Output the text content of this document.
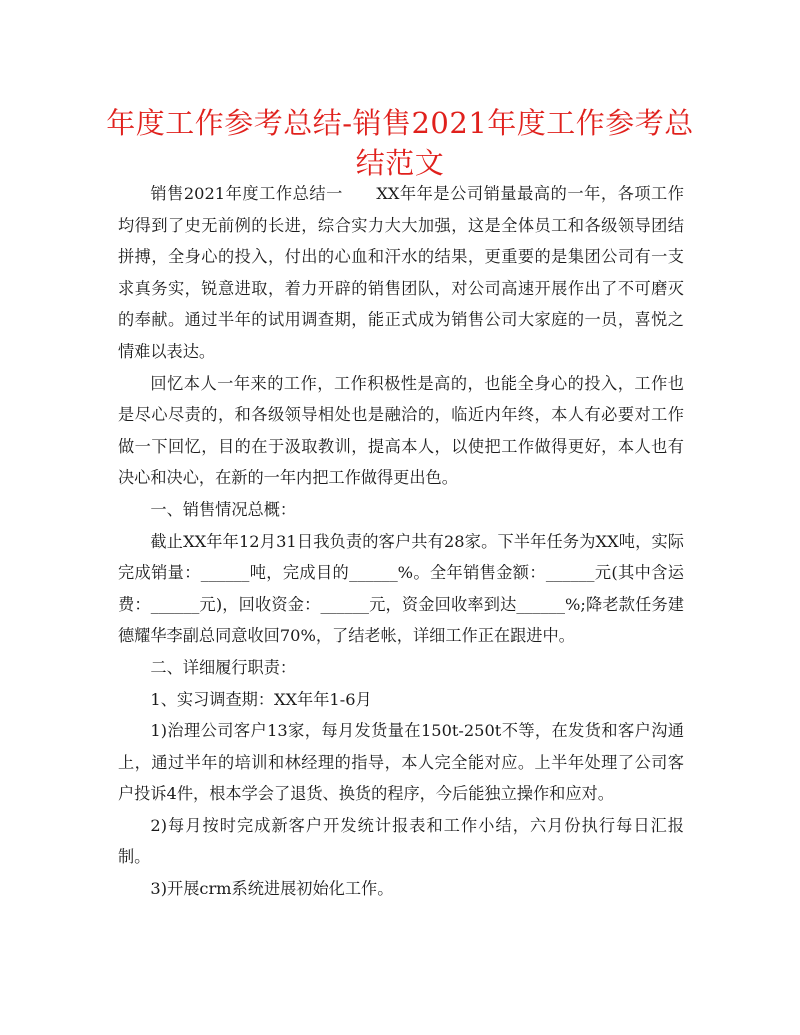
年度工作参考总结-销售2021年度工作参考总结范文

销售2021年度工作总结一　　XX年年是公司销量最高的一年，各项工作均得到了史无前例的长进，综合实力大大加强，这是全体员工和各级领导团结拼搏，全身心的投入，付出的心血和汗水的结果，更重要的是集团公司有一支求真务实，锐意进取，着力开辟的销售团队，对公司高速开展作出了不可磨灭的奉献。通过半年的试用调查期，能正式成为销售公司大家庭的一员，喜悦之情难以表达。

回忆本人一年来的工作，工作积极性是高的，也能全身心的投入，工作也是尽心尽责的，和各级领导相处也是融洽的，临近内年终，本人有必要对工作做一下回忆，目的在于汲取教训，提高本人，以使把工作做得更好，本人也有决心和决心，在新的一年内把工作做得更出色。

一、销售情况总概：

截止XX年年12月31日我负责的客户共有28家。下半年任务为XX吨，实际完成销量：______吨，完成目的______%。全年销售金额：______元(其中含运费：______元)，回收资金：______元，资金回收率到达______%;降老款任务建德耀华李副总同意收回70%，了结老帐，详细工作正在跟进中。

二、详细履行职责：

1、实习调查期：XX年年1-6月

1)治理公司客户13家，每月发货量在150t-250t不等，在发货和客户沟通上，通过半年的培训和林经理的指导，本人完全能对应。上半年处理了公司客户投诉4件，根本学会了退货、换货的程序，今后能独立操作和应对。

2)每月按时完成新客户开发统计报表和工作小结，六月份执行每日汇报制。

3)开展crm系统进展初始化工作。
